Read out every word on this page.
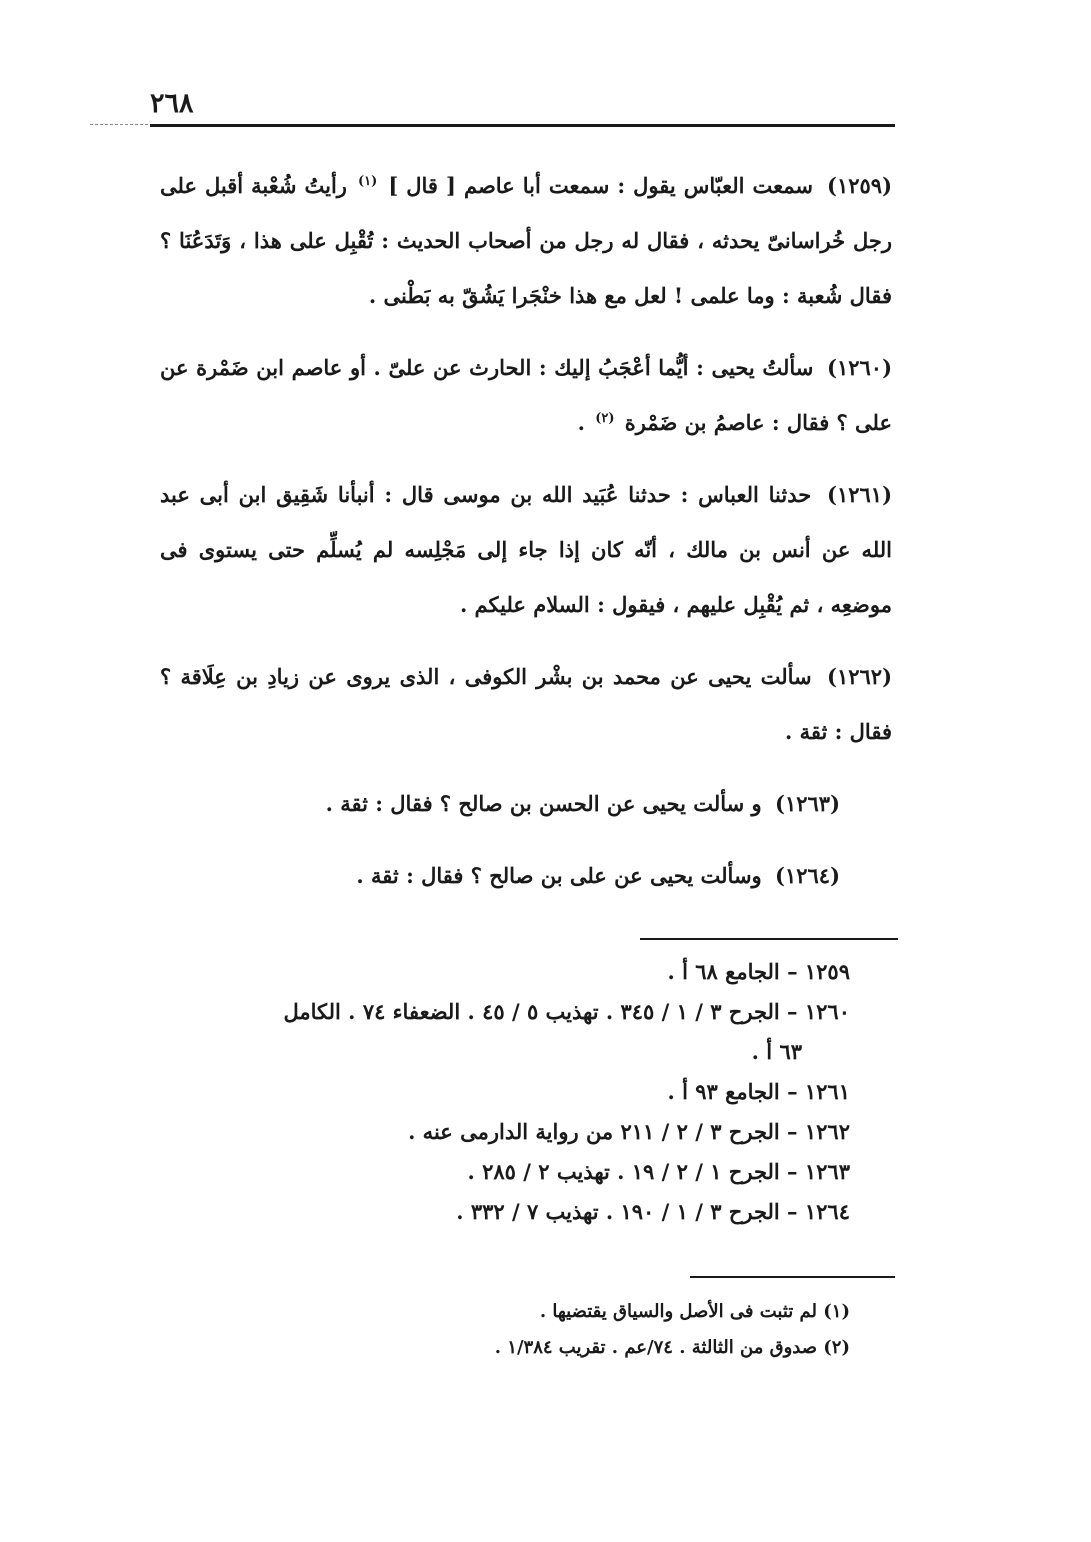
٢٦٨

(١٢٥٩) سمعت العبّاس يقول : سمعت أبا عاصم [ قال ] $^{(١)}$ رأيتُ شُعْبة أقبل على رجل خُراسانىّ يحدثه ، فقال له رجل من أصحاب الحديث : تُقْبِل على هذا ، وَتَدَعُنَا ؟ فقال شُعبة : وما علمى ! لعل مع هذا خنْجَرا يَشُقّ به بَطْنى .

(١٢٦٠) سألتُ يحيى : أيُّما أعْجَبُ إليك : الحارث عن علىّ . أو عاصم ابن ضَمْرة عن على ؟ فقال : عاصمُ بن ضَمْرة $^{(٢)}$ .

(١٢٦١) حدثنا العباس : حدثنا عُبَيد الله بن موسى قال : أنبأنا شَقِيق ابن أبى عبد الله عن أنس بن مالك ، أنّه كان إذا جاء إلى مَجْلِسه لم يُسلِّم حتى يستوى فى موضعِه ، ثم يُقْبِل عليهم ، فيقول : السلام عليكم .

(١٢٦٢) سألت يحيى عن محمد بن بشْر الكوفى ، الذى يروى عن زيادِ بن عِلَاقة ؟ فقال : ثقة .

(١٢٦٣) و سألت يحيى عن الحسن بن صالح ؟ فقال : ثقة .

(١٢٦٤) وسألت يحيى عن على بن صالح ؟ فقال : ثقة .

١٢٥٩ – الجامع ٦٨ أ .

١٢٦٠ – الجرح ٣ / ١ / ٣٤٥ . تهذيب ٥ / ٤٥ . الضعفاء ٧٤ . الكامل

٦٣ أ .

١٢٦١ – الجامع ٩٣ أ .

١٢٦٢ – الجرح ٣ / ٢ / ٢١١ من رواية الدارمى عنه .

١٢٦٣ – الجرح ١ / ٢ / ١٩ . تهذيب ٢ / ٢٨٥ .

١٢٦٤ – الجرح ٣ / ١ / ١٩٠ . تهذيب ٧ / ٣٣٢ .

(١) لم تثبت فى الأصل والسياق يقتضيها .

(٢) صدوق من الثالثة . ٧٤/عم . تقريب ١/٣٨٤ .
